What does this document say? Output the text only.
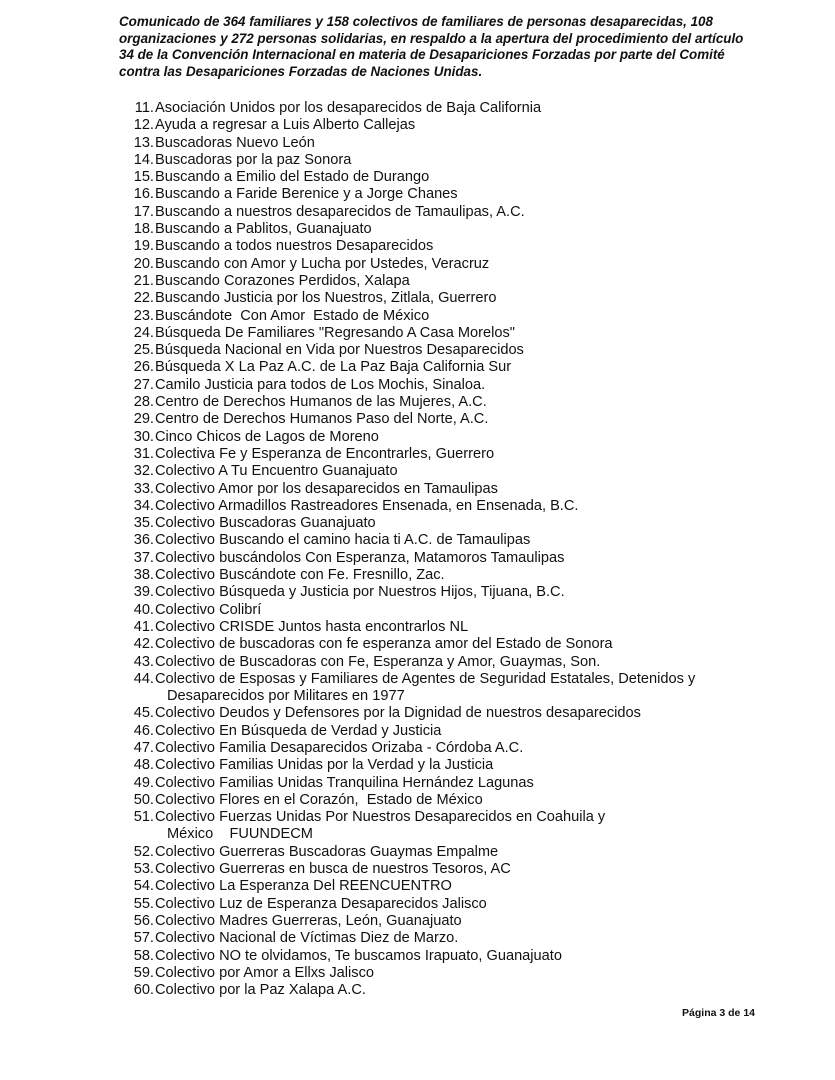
Comunicado de 364 familiares y 158 colectivos de familiares de personas desaparecidas, 108
organizaciones y 272 personas solidarias, en respaldo a la apertura del procedimiento del artículo
34 de la Convención Internacional en materia de Desapariciones Forzadas por parte del Comité
contra las Desapariciones Forzadas de Naciones Unidas.
11. Asociación Unidos por los desaparecidos de Baja California
12. Ayuda a regresar a Luis Alberto Callejas
13. Buscadoras Nuevo León
14. Buscadoras por la paz Sonora
15. Buscando a Emilio del Estado de Durango
16. Buscando a Faride Berenice y a Jorge Chanes
17. Buscando a nuestros desaparecidos de Tamaulipas, A.C.
18. Buscando a Pablitos, Guanajuato
19. Buscando a todos nuestros Desaparecidos
20. Buscando con Amor y Lucha por Ustedes, Veracruz
21. Buscando Corazones Perdidos, Xalapa
22. Buscando Justicia por los Nuestros, Zitlala, Guerrero
23. Buscándote  Con Amor  Estado de México
24. Búsqueda De Familiares "Regresando A Casa Morelos"
25. Búsqueda Nacional en Vida por Nuestros Desaparecidos
26. Búsqueda X La Paz A.C. de La Paz Baja California Sur
27. Camilo Justicia para todos de Los Mochis, Sinaloa.
28. Centro de Derechos Humanos de las Mujeres, A.C.
29. Centro de Derechos Humanos Paso del Norte, A.C.
30. Cinco Chicos de Lagos de Moreno
31. Colectiva Fe y Esperanza de Encontrarles, Guerrero
32. Colectivo A Tu Encuentro Guanajuato
33. Colectivo Amor por los desaparecidos en Tamaulipas
34. Colectivo Armadillos Rastreadores Ensenada, en Ensenada, B.C.
35. Colectivo Buscadoras Guanajuato
36. Colectivo Buscando el camino hacia ti A.C. de Tamaulipas
37. Colectivo buscándolos Con Esperanza, Matamoros Tamaulipas
38. Colectivo Buscándote con Fe. Fresnillo, Zac.
39. Colectivo Búsqueda y Justicia por Nuestros Hijos, Tijuana, B.C.
40. Colectivo Colibrí
41. Colectivo CRISDE Juntos hasta encontrarlos NL
42. Colectivo de buscadoras con fe esperanza amor del Estado de Sonora
43. Colectivo de Buscadoras con Fe, Esperanza y Amor, Guaymas, Son.
44. Colectivo de Esposas y Familiares de Agentes de Seguridad Estatales, Detenidos y
Desaparecidos por Militares en 1977
45. Colectivo Deudos y Defensores por la Dignidad de nuestros desaparecidos
46. Colectivo En Búsqueda de Verdad y Justicia
47. Colectivo Familia Desaparecidos Orizaba - Córdoba A.C.
48. Colectivo Familias Unidas por la Verdad y la Justicia
49. Colectivo Familias Unidas Tranquilina Hernández Lagunas
50. Colectivo Flores en el Corazón,  Estado de México
51. Colectivo Fuerzas Unidas Por Nuestros Desaparecidos en Coahuila y
México    FUUNDECM
52. Colectivo Guerreras Buscadoras Guaymas Empalme
53. Colectivo Guerreras en busca de nuestros Tesoros, AC
54. Colectivo La Esperanza Del REENCUENTRO
55. Colectivo Luz de Esperanza Desaparecidos Jalisco
56. Colectivo Madres Guerreras, León, Guanajuato
57. Colectivo Nacional de Víctimas Diez de Marzo.
58. Colectivo NO te olvidamos, Te buscamos Irapuato, Guanajuato
59. Colectivo por Amor a Ellxs Jalisco
60. Colectivo por la Paz Xalapa A.C.
Página 3 de 14
